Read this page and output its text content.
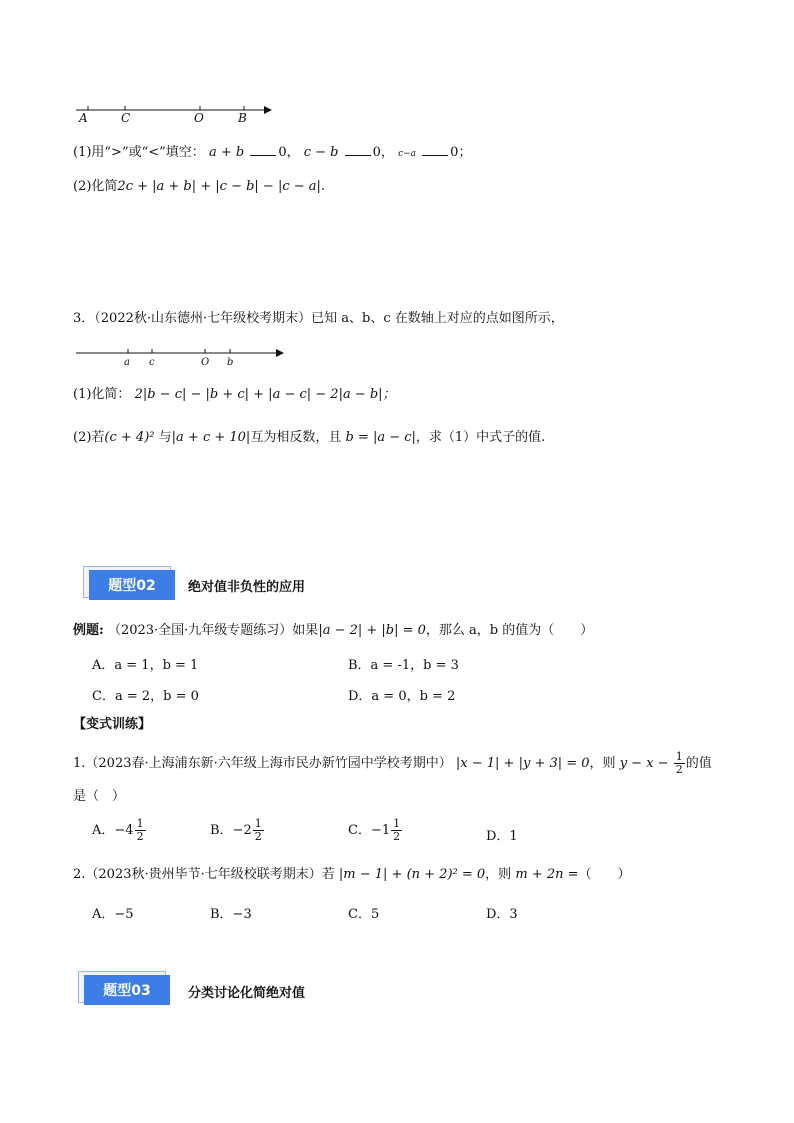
A	C	O	B
(1)用“>”或“<”填空： a + b	0， c − b	0， c−a	0；
(2)化简2c + |a + b| + |c − b| − |c − a|.
3．（2022秋·山东德州·七年级校考期末）已知 a、b、c 在数轴上对应的点如图所示，
a c	O b
(1)化简： 2|b − c| − |b + c| + |a − c| − 2|a − b|；
(2)若(c + 4)² 与|a + c + 10|互为相反数，且 b = |a − c|，求（1）中式子的值.
题型02	绝对值非负性的应用
例题: （2023·全国·九年级专题练习）如果|a − 2| + |b| = 0，那么 a，b 的值为（　　）
A．a = 1，b = 1	B．a = -1，b = 3
C．a = 2，b = 0	D．a = 0，b = 2
【变式训练】
1.（2023春·上海浦东新·六年级上海市民办新竹园中学校考期中） |x − 1| + |y + 3| = 0，则 $y - x - \frac{1}{2}$ 的值
是（　）
A．$-4 \frac{1}{2}$	B．$-2 \frac{1}{2}$	C．$-1 \frac{1}{2}$	D．1
2.（2023秋·贵州毕节·七年级校联考期末）若 |m − 1| + (n + 2)² = 0，则 m + 2n =（　　）
A．−5	B．−3	C．5	D．3
题型03	分类讨论化简绝对值
